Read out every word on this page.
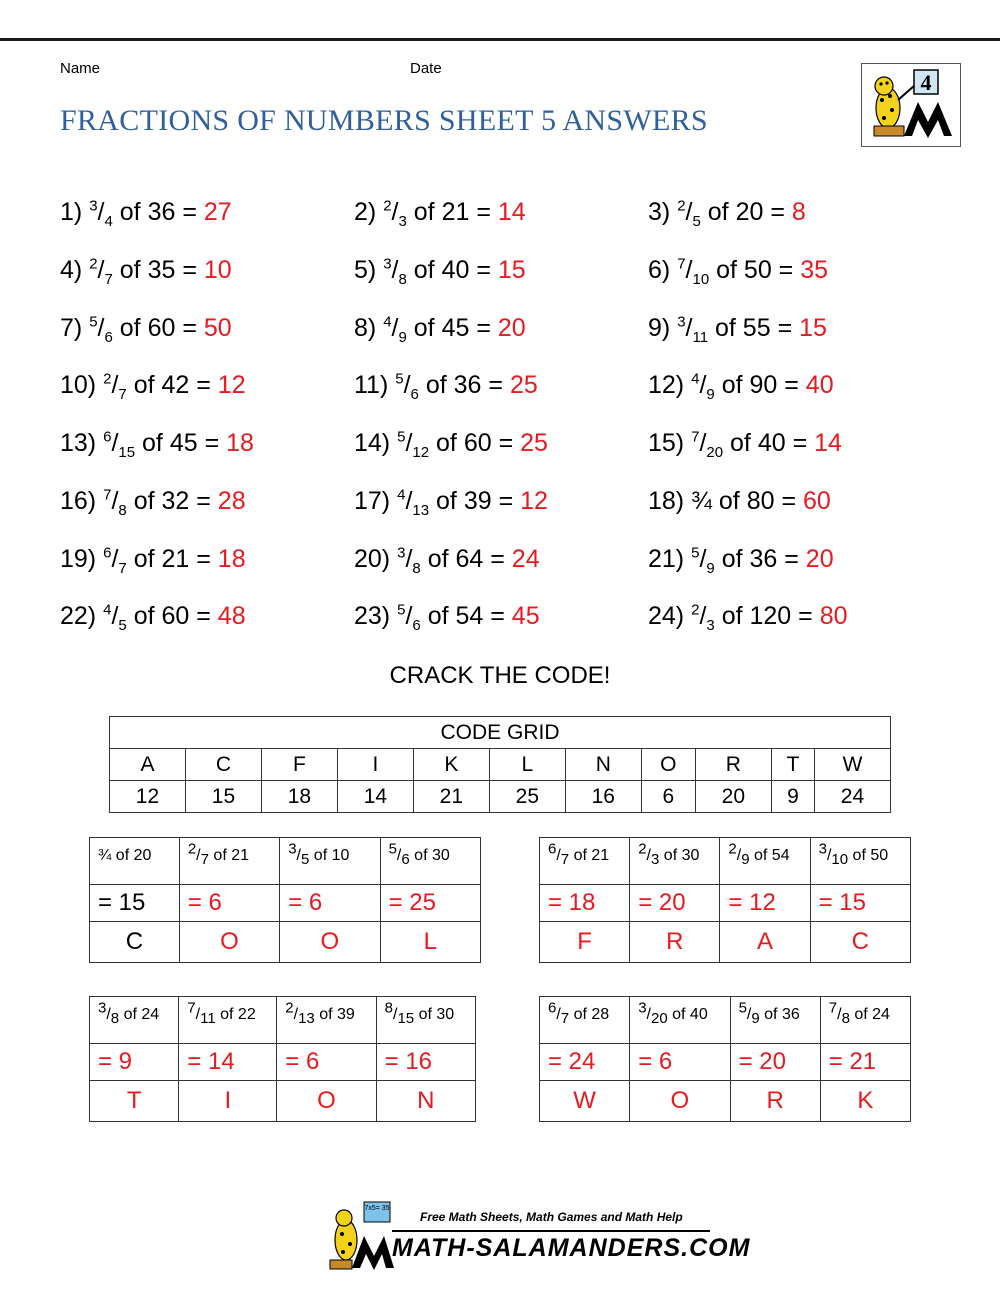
Name	Date
FRACTIONS OF NUMBERS SHEET 5 ANSWERS
4
1) $^3/_4$ of 36 = 27	2) $^2/_3$ of 21 = 14	3) $^2/_5$ of 20 = 8
4) $^2/_7$ of 35 = 10	5) $^3/_8$ of 40 = 15	6) $^7/_{10}$ of 50 = 35
7) $^5/_6$ of 60 = 50	8) $^4/_9$ of 45 = 20	9) $^3/_{11}$ of 55 = 15
10) $^2/_7$ of 42 = 12	11) $^5/_6$ of 36 = 25	12) $^4/_9$ of 90 = 40
13) $^6/_{15}$ of 45 = 18	14) $^5/_{12}$ of 60 = 25	15) $^7/_{20}$ of 40 = 14
16) $^7/_8$ of 32 = 28	17) $^4/_{13}$ of 39 = 12	18) ¾ of 80 = 60
19) $^6/_7$ of 21 = 18	20) $^3/_8$ of 64 = 24	21) $^5/_9$ of 36 = 20
22) $^4/_5$ of 60 = 48	23) $^5/_6$ of 54 = 45	24) $^2/_3$ of 120 = 80
CRACK THE CODE!
CODE GRID										
A	C	F	I	K	L	N	O	R	T	W
12	15	18	14	21	25	16	6	20	9	24
¾ of 20	$^2/_7$ of 21	$^3/_5$ of 10	$^5/_6$ of 30
= 15	= 6	= 6	= 25
C	O	O	L
$^6/_7$ of 21	$^2/_3$ of 30	$^2/_9$ of 54	$^3/_{10}$ of 50
= 18	= 20	= 12	= 15
F	R	A	C
$^3/_8$ of 24	$^7/_{11}$ of 22	$^2/_{13}$ of 39	$^8/_{15}$ of 30
= 9	= 14	= 6	= 16
T	I	O	N
$^6/_7$ of 28	$^3/_{20}$ of 40	$^5/_9$ of 36	$^7/_8$ of 24
= 24	= 6	= 20	= 21
W	O	R	K
7x5= 35
Free Math Sheets, Math Games and Math Help
MATH-SALAMANDERS.COM
